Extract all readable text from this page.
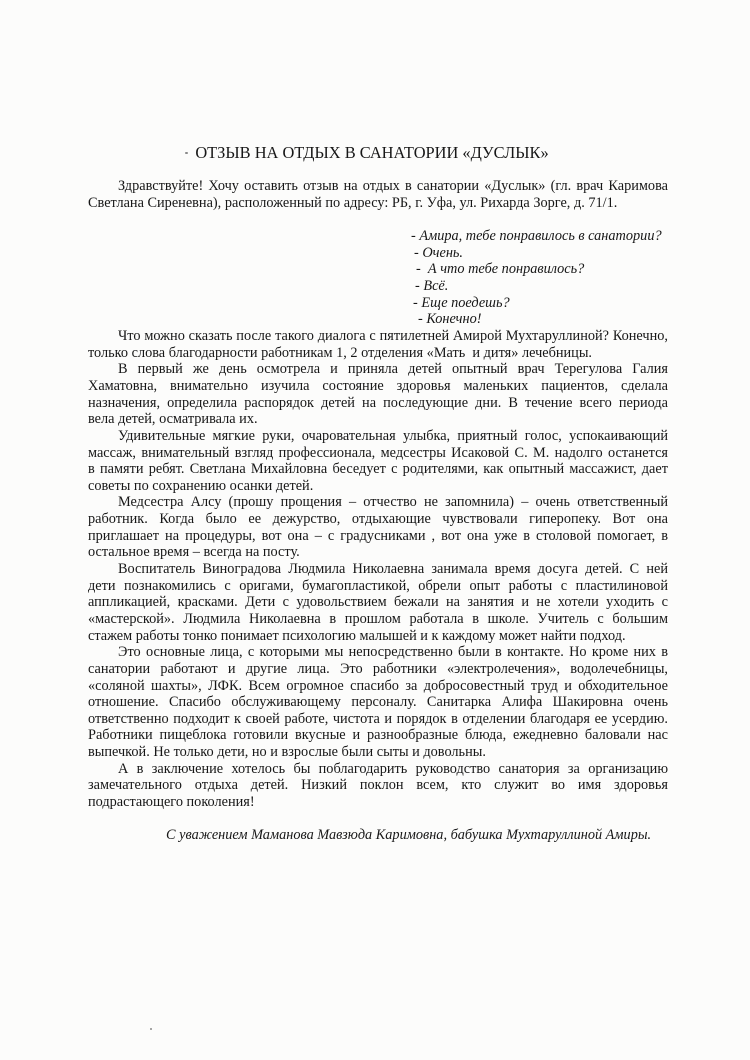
ОТЗЫВ НА ОТДЫХ В САНАТОРИИ «ДУСЛЫК»
Здравствуйте! Хочу оставить отзыв на отдых в санатории «Дуслык» (гл. врач Каримова
Светлана Сиреневна), расположенный по адресу: РБ, г. Уфа, ул. Рихарда Зорге, д. 71/1.
- Амира, тебе понравилось в санатории?
- Очень.
-  А что тебе понравилось?
- Всё.
- Еще поедешь?
- Конечно!
Что можно сказать после такого диалога с пятилетней Амирой Мухтаруллиной? Конечно,
только слова благодарности работникам 1, 2 отделения «Мать  и дитя» лечебницы.
В первый же день осмотрела и приняла детей опытный врач Терегулова Галия
Хаматовна, внимательно изучила состояние здоровья маленьких пациентов, сделала
назначения, определила распорядок детей на последующие дни. В течение всего периода
вела детей, осматривала их.
Удивительные мягкие руки, очаровательная улыбка, приятный голос, успокаивающий
массаж, внимательный взгляд профессионала, медсестры Исаковой С. М. надолго останется
в памяти ребят. Светлана Михайловна беседует с родителями, как опытный массажист, дает
советы по сохранению осанки детей.
Медсестра Алсу (прошу прощения – отчество не запомнила) – очень ответственный
работник. Когда было ее дежурство, отдыхающие чувствовали гиперопеку. Вот она
приглашает на процедуры, вот она – с градусниками , вот она уже в столовой помогает, в
остальное время – всегда на посту.
Воспитатель Виноградова Людмила Николаевна занимала время досуга детей. С ней
дети познакомились с оригами, бумагопластикой, обрели опыт работы с пластилиновой
аппликацией, красками. Дети с удовольствием бежали на занятия и не хотели уходить с
«мастерской». Людмила Николаевна в прошлом работала в школе. Учитель с большим
стажем работы тонко понимает психологию малышей и к каждому может найти подход.
Это основные лица, с которыми мы непосредственно были в контакте. Но кроме них в
санатории работают и другие лица. Это работники «электролечения», водолечебницы,
«соляной шахты», ЛФК. Всем огромное спасибо за добросовестный труд и обходительное
отношение. Спасибо обслуживающему персоналу. Санитарка Алифа Шакировна очень
ответственно подходит к своей работе, чистота и порядок в отделении благодаря ее усердию.
Работники пищеблока готовили вкусные и разнообразные блюда, ежедневно баловали нас
выпечкой. Не только дети, но и взрослые были сыты и довольны.
А в заключение хотелось бы поблагодарить руководство санатория за организацию
замечательного отдыха детей. Низкий поклон всем, кто служит во имя здоровья
подрастающего поколения!
С уважением Маманова Мавзюда Каримовна, бабушка Мухтаруллиной Амиры.
